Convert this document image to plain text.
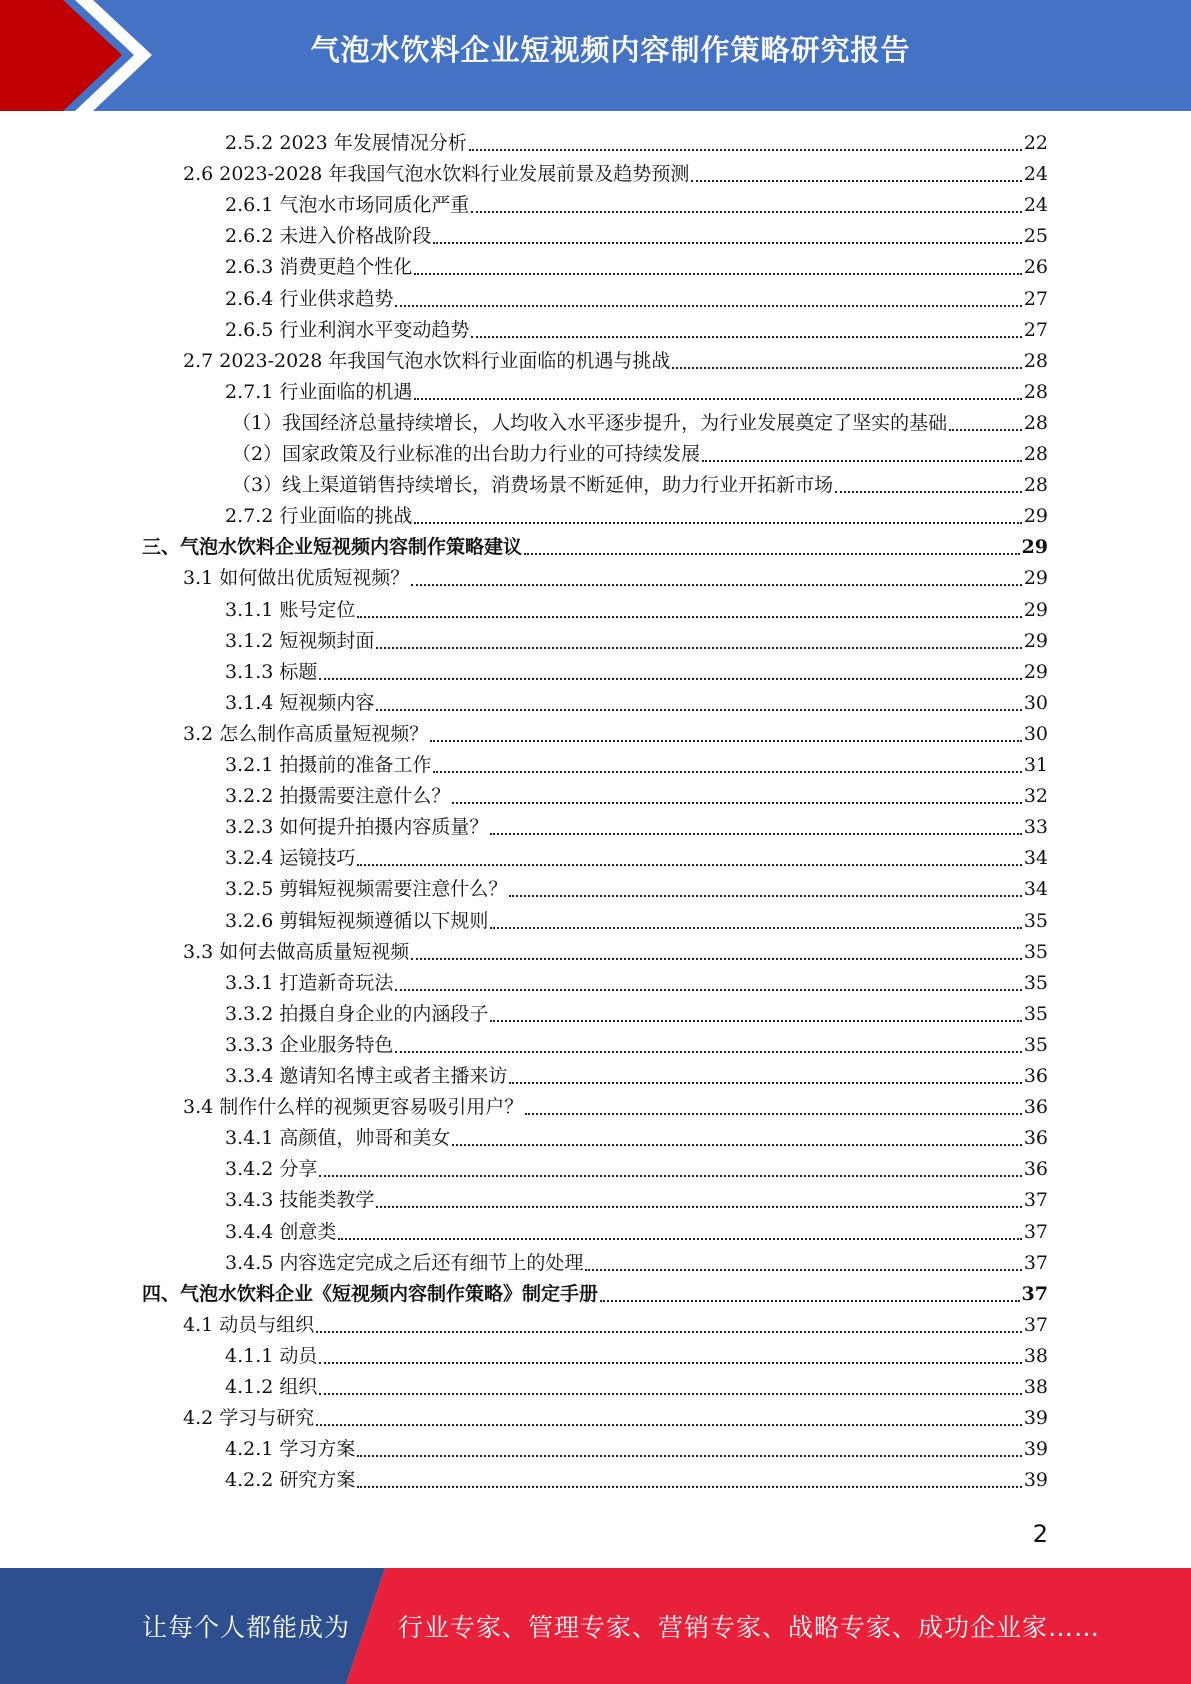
气泡水饮料企业短视频内容制作策略研究报告
2.5.2 2023 年发展情况分析	22
2.6 2023-2028 年我国气泡水饮料行业发展前景及趋势预测	24
2.6.1 气泡水市场同质化严重	24
2.6.2 未进入价格战阶段	25
2.6.3 消费更趋个性化	26
2.6.4 行业供求趋势	27
2.6.5 行业利润水平变动趋势	27
2.7 2023-2028 年我国气泡水饮料行业面临的机遇与挑战	28
2.7.1 行业面临的机遇	28
（1）我国经济总量持续增长，人均收入水平逐步提升，为行业发展奠定了坚实的基础	28
（2）国家政策及行业标准的出台助力行业的可持续发展	28
（3）线上渠道销售持续增长，消费场景不断延伸，助力行业开拓新市场	28
2.7.2 行业面临的挑战	29
三、气泡水饮料企业短视频内容制作策略建议	29
3.1 如何做出优质短视频？	29
3.1.1 账号定位	29
3.1.2 短视频封面	29
3.1.3 标题	29
3.1.4 短视频内容	30
3.2 怎么制作高质量短视频？	30
3.2.1 拍摄前的准备工作	31
3.2.2 拍摄需要注意什么？	32
3.2.3 如何提升拍摄内容质量？	33
3.2.4 运镜技巧	34
3.2.5 剪辑短视频需要注意什么？	34
3.2.6 剪辑短视频遵循以下规则	35
3.3 如何去做高质量短视频	35
3.3.1 打造新奇玩法	35
3.3.2 拍摄自身企业的内涵段子	35
3.3.3 企业服务特色	35
3.3.4 邀请知名博主或者主播来访	36
3.4 制作什么样的视频更容易吸引用户？	36
3.4.1 高颜值，帅哥和美女	36
3.4.2 分享	36
3.4.3 技能类教学	37
3.4.4 创意类	37
3.4.5 内容选定完成之后还有细节上的处理	37
四、气泡水饮料企业《短视频内容制作策略》制定手册	37
4.1 动员与组织	37
4.1.1 动员	38
4.1.2 组织	38
4.2 学习与研究	39
4.2.1 学习方案	39
4.2.2 研究方案	39
2
让每个人都能成为 行业专家、管理专家、营销专家、战略专家、成功企业家……
